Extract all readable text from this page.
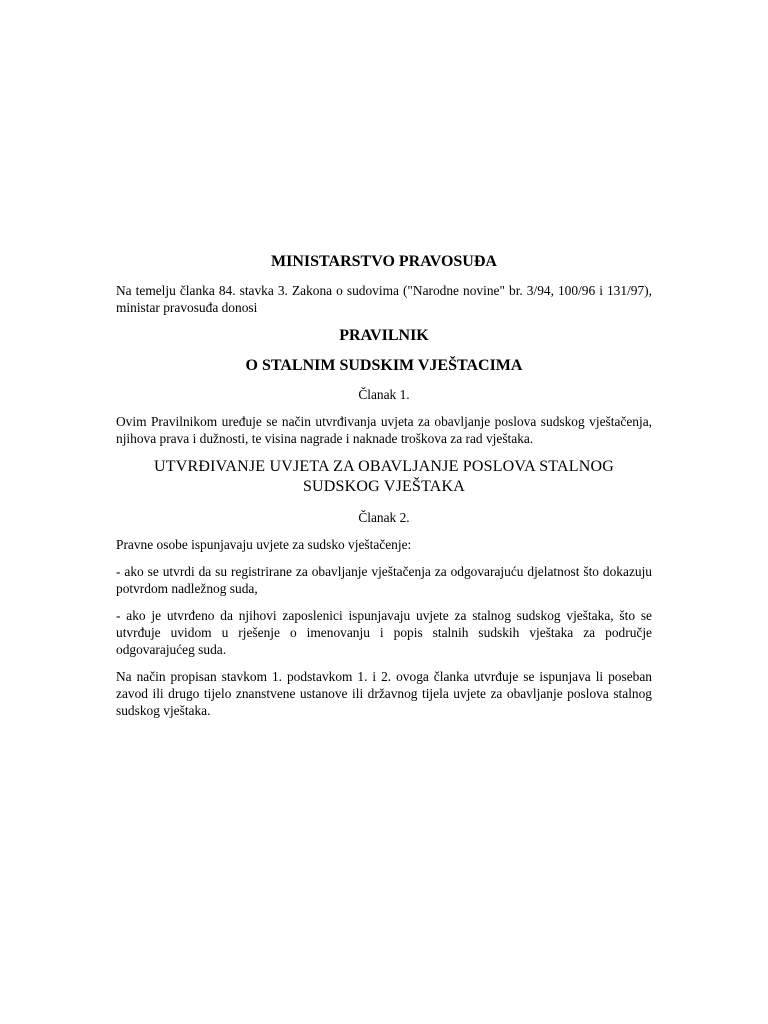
MINISTARSTVO PRAVOSUĐA

Na temelju članka 84. stavka 3. Zakona o sudovima ("Narodne novine" br. 3/94, 100/96 i 131/97), ministar pravosuđa donosi

PRAVILNIK
O STALNIM SUDSKIM VJEŠTACIMA

Članak 1.

Ovim Pravilnikom uređuje se način utvrđivanja uvjeta za obavljanje poslova sudskog vještačenja, njihova prava i dužnosti, te visina nagrade i naknade troškova za rad vještaka.

UTVRĐIVANJE UVJETA ZA OBAVLJANJE POSLOVA STALNOG SUDSKOG VJEŠTAKA

Članak 2.

Pravne osobe ispunjavaju uvjete za sudsko vještačenje:

- ako se utvrdi da su registrirane za obavljanje vještačenja za odgovarajuću djelatnost što dokazuju potvrdom nadležnog suda,

- ako je utvrđeno da njihovi zaposlenici ispunjavaju uvjete za stalnog sudskog vještaka, što se utvrđuje uvidom u rješenje o imenovanju i popis stalnih sudskih vještaka za područje odgovarajućeg suda.

Na način propisan stavkom 1. podstavkom 1. i 2. ovoga članka utvrđuje se ispunjava li poseban zavod ili drugo tijelo znanstvene ustanove ili državnog tijela uvjete za obavljanje poslova stalnog sudskog vještaka.
